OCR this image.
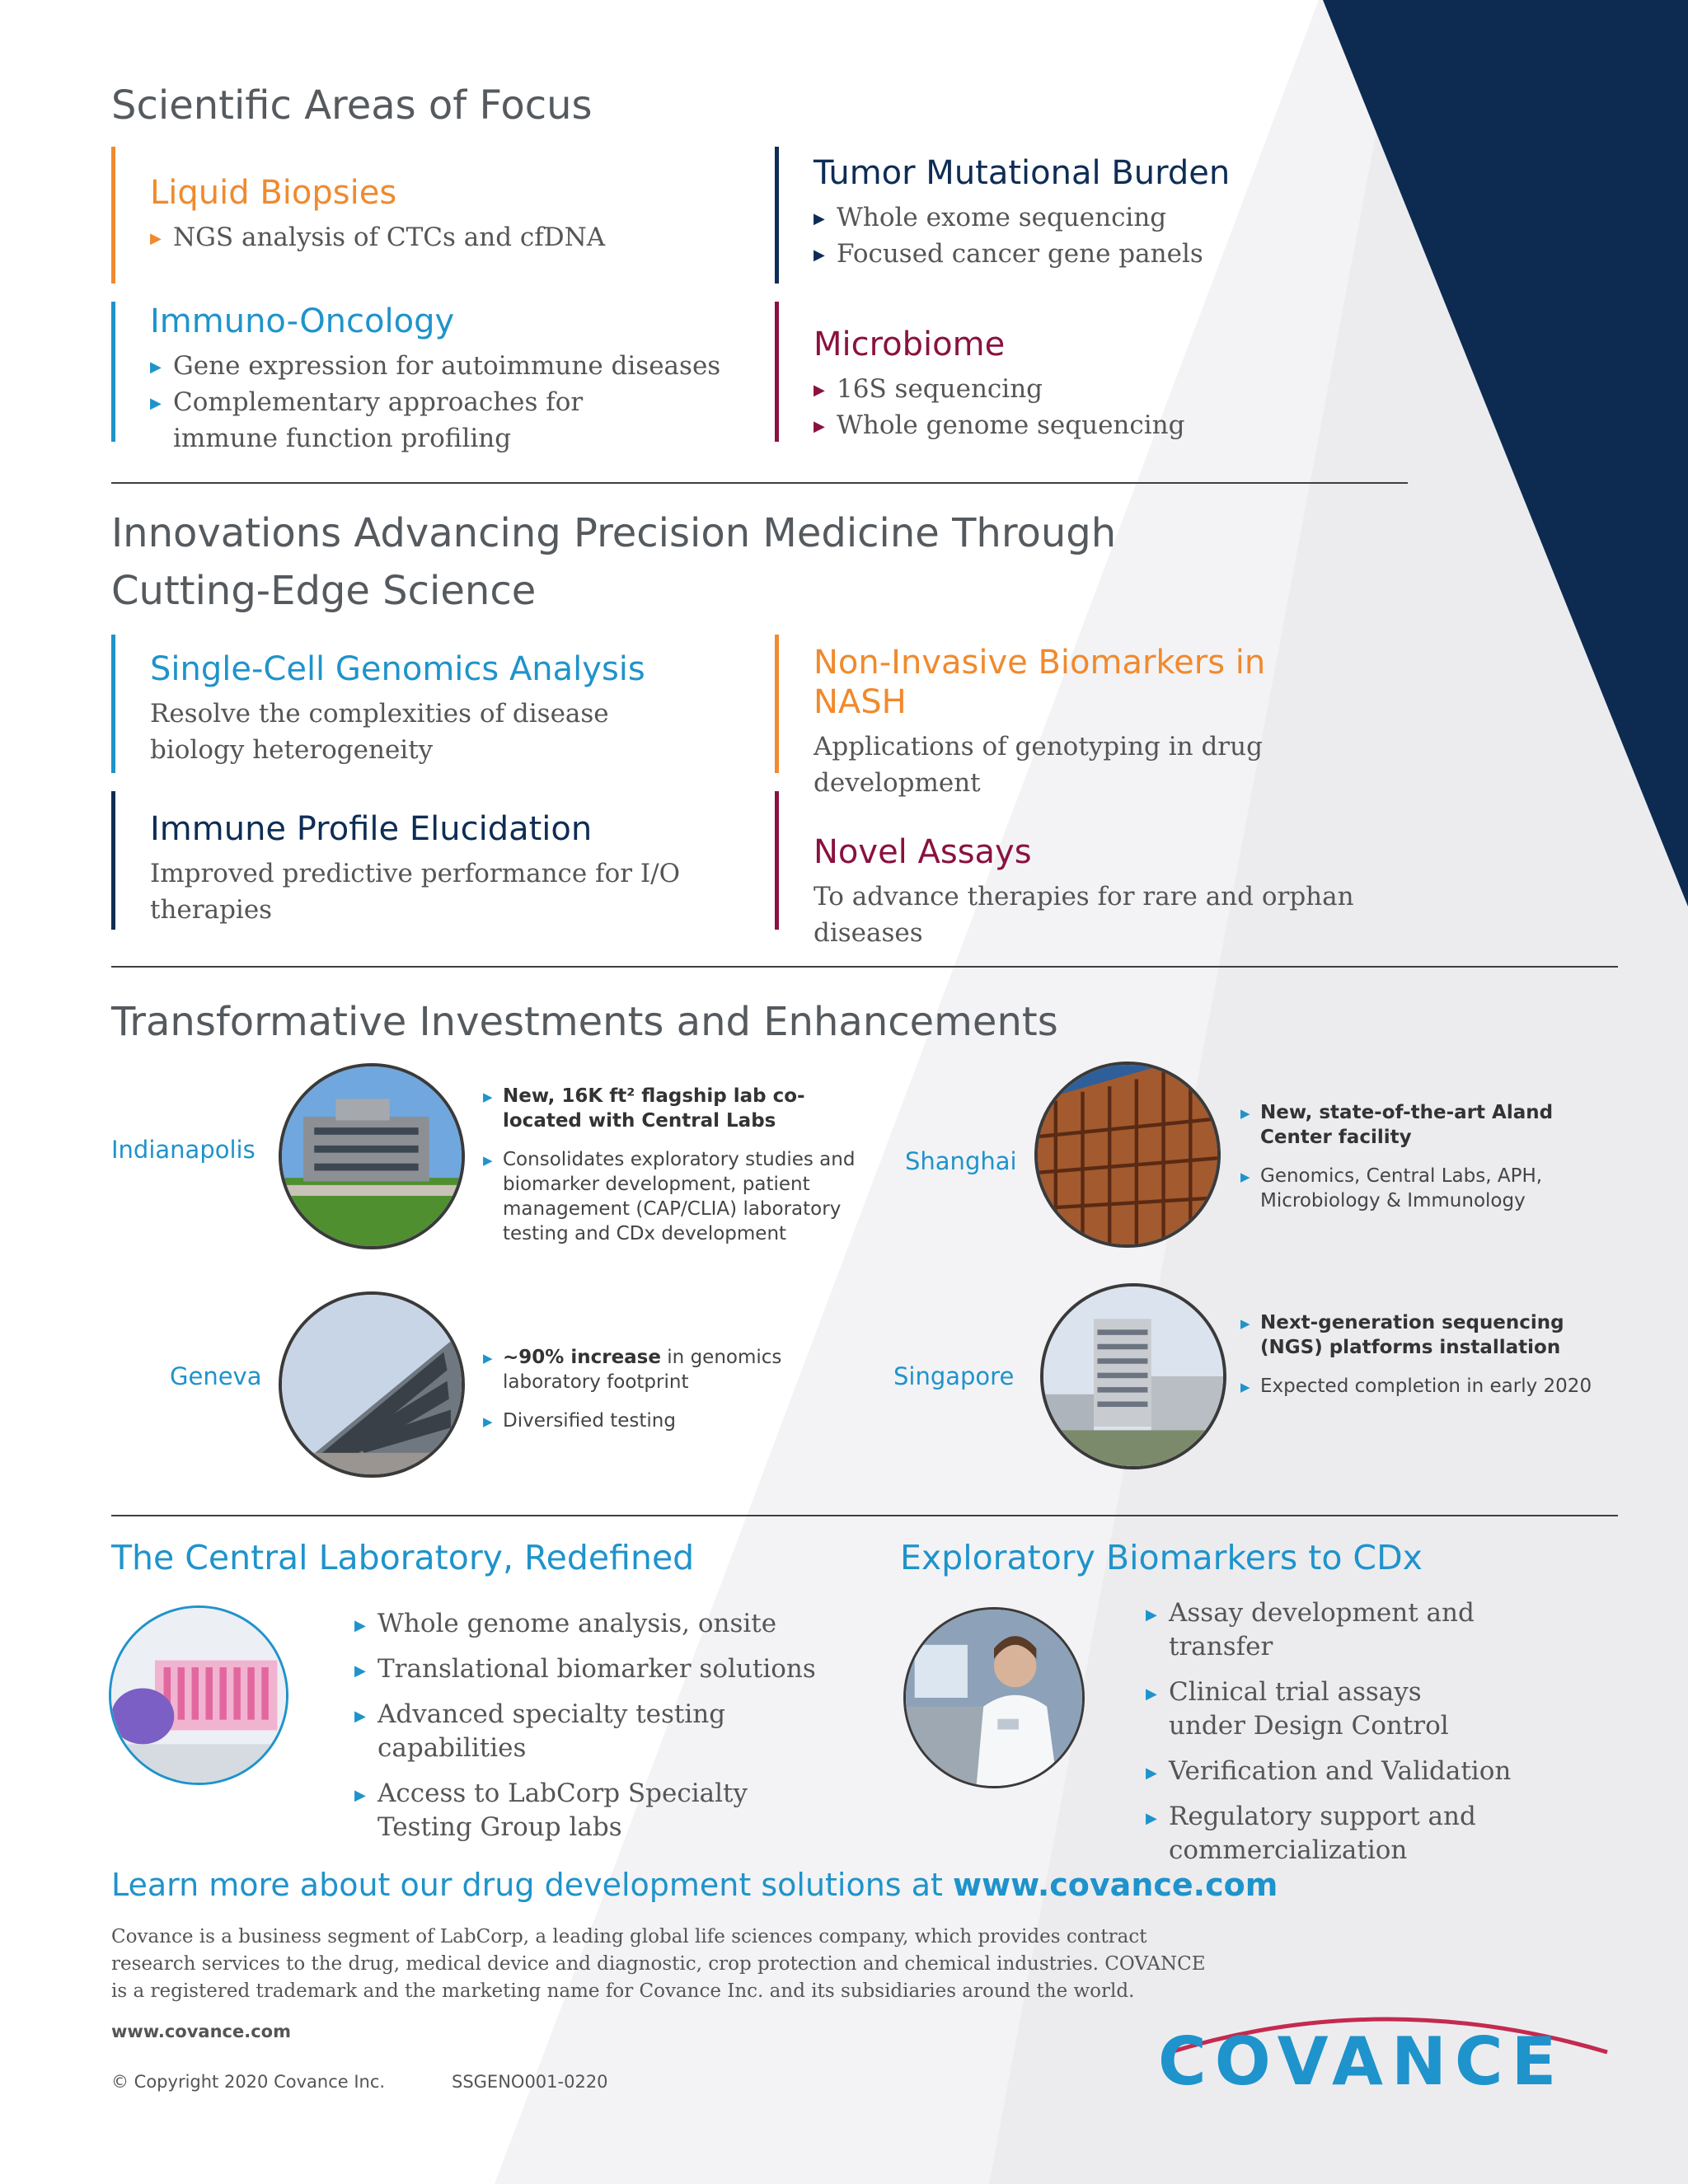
Scientific Areas of Focus
Liquid Biopsies
▶ NGS analysis of CTCs and cfDNA
Immuno-Oncology
▶ Gene expression for autoimmune diseases
▶ Complementary approaches for immune function profiling
Tumor Mutational Burden
▶ Whole exome sequencing
▶ Focused cancer gene panels
Microbiome
▶ 16S sequencing
▶ Whole genome sequencing
Innovations Advancing Precision Medicine Through
Cutting-Edge Science
Single-Cell Genomics Analysis
Resolve the complexities of disease biology heterogeneity
Immune Profile Elucidation
Improved predictive performance for I/O therapies
Non-Invasive Biomarkers in NASH
Applications of genotyping in drug development
Novel Assays
To advance therapies for rare and orphan diseases
Transformative Investments and Enhancements
Indianapolis
▶ New, 16K ft² flagship lab co-located with Central Labs
▶ Consolidates exploratory studies and biomarker development, patient management (CAP/CLIA) laboratory testing and CDx development
Geneva
▶ ~90% increase in genomics laboratory footprint
▶ Diversified testing
Shanghai
▶ New, state-of-the-art Aland Center facility
▶ Genomics, Central Labs, APH, Microbiology & Immunology
Singapore
▶ Next-generation sequencing (NGS) platforms installation
▶ Expected completion in early 2020
The Central Laboratory, Redefined
▶ Whole genome analysis, onsite
▶ Translational biomarker solutions
▶ Advanced specialty testing capabilities
▶ Access to LabCorp Specialty Testing Group labs
Exploratory Biomarkers to CDx
▶ Assay development and transfer
▶ Clinical trial assays under Design Control
▶ Verification and Validation
▶ Regulatory support and commercialization
Learn more about our drug development solutions at www.covance.com
Covance is a business segment of LabCorp, a leading global life sciences company, which provides contract research services to the drug, medical device and diagnostic, crop protection and chemical industries. COVANCE is a registered trademark and the marketing name for Covance Inc. and its subsidiaries around the world.
www.covance.com
© Copyright 2020 Covance Inc.	SSGENO001-0220	COVANCE
